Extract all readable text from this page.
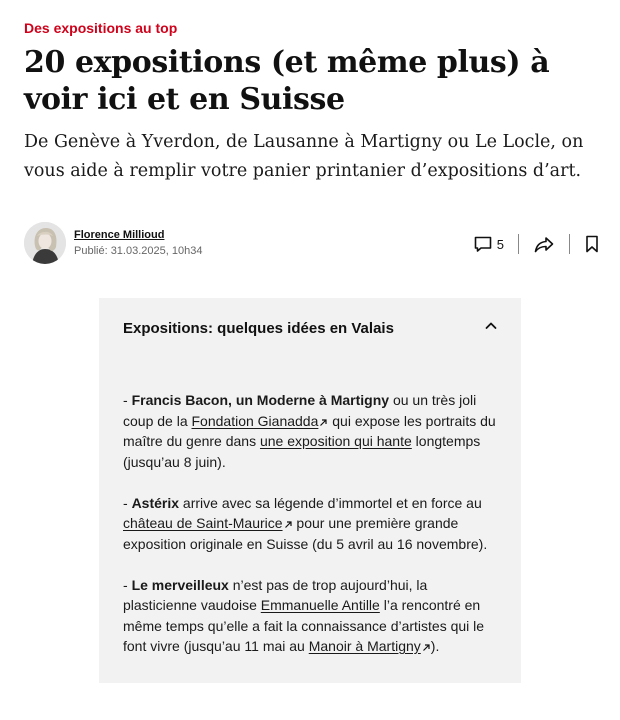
Des expositions au top
20 expositions (et même plus) à voir ici et en Suisse

De Genève à Yverdon, de Lausanne à Martigny ou Le Locle, on vous aide à remplir votre panier printanier d’expositions d’art.

Florence Millioud
Publié: 31.03.2025, 10h34	5
Expositions: quelques idées en Valais

- Francis Bacon, un Moderne à Martigny ou un très joli coup de la Fondation Gianadda qui expose les portraits du maître du genre dans une exposition qui hante longtemps (jusqu’au 8 juin).

- Astérix arrive avec sa légende d’immortel et en force au château de Saint-Maurice pour une première grande exposition originale en Suisse (du 5 avril au 16 novembre).

- Le merveilleux n’est pas de trop aujourd’hui, la plasticienne vaudoise Emmanuelle Antille l’a rencontré en même temps qu’elle a fait la connaissance d’artistes qui le font vivre (jusqu’au 11 mai au Manoir à Martigny ).
